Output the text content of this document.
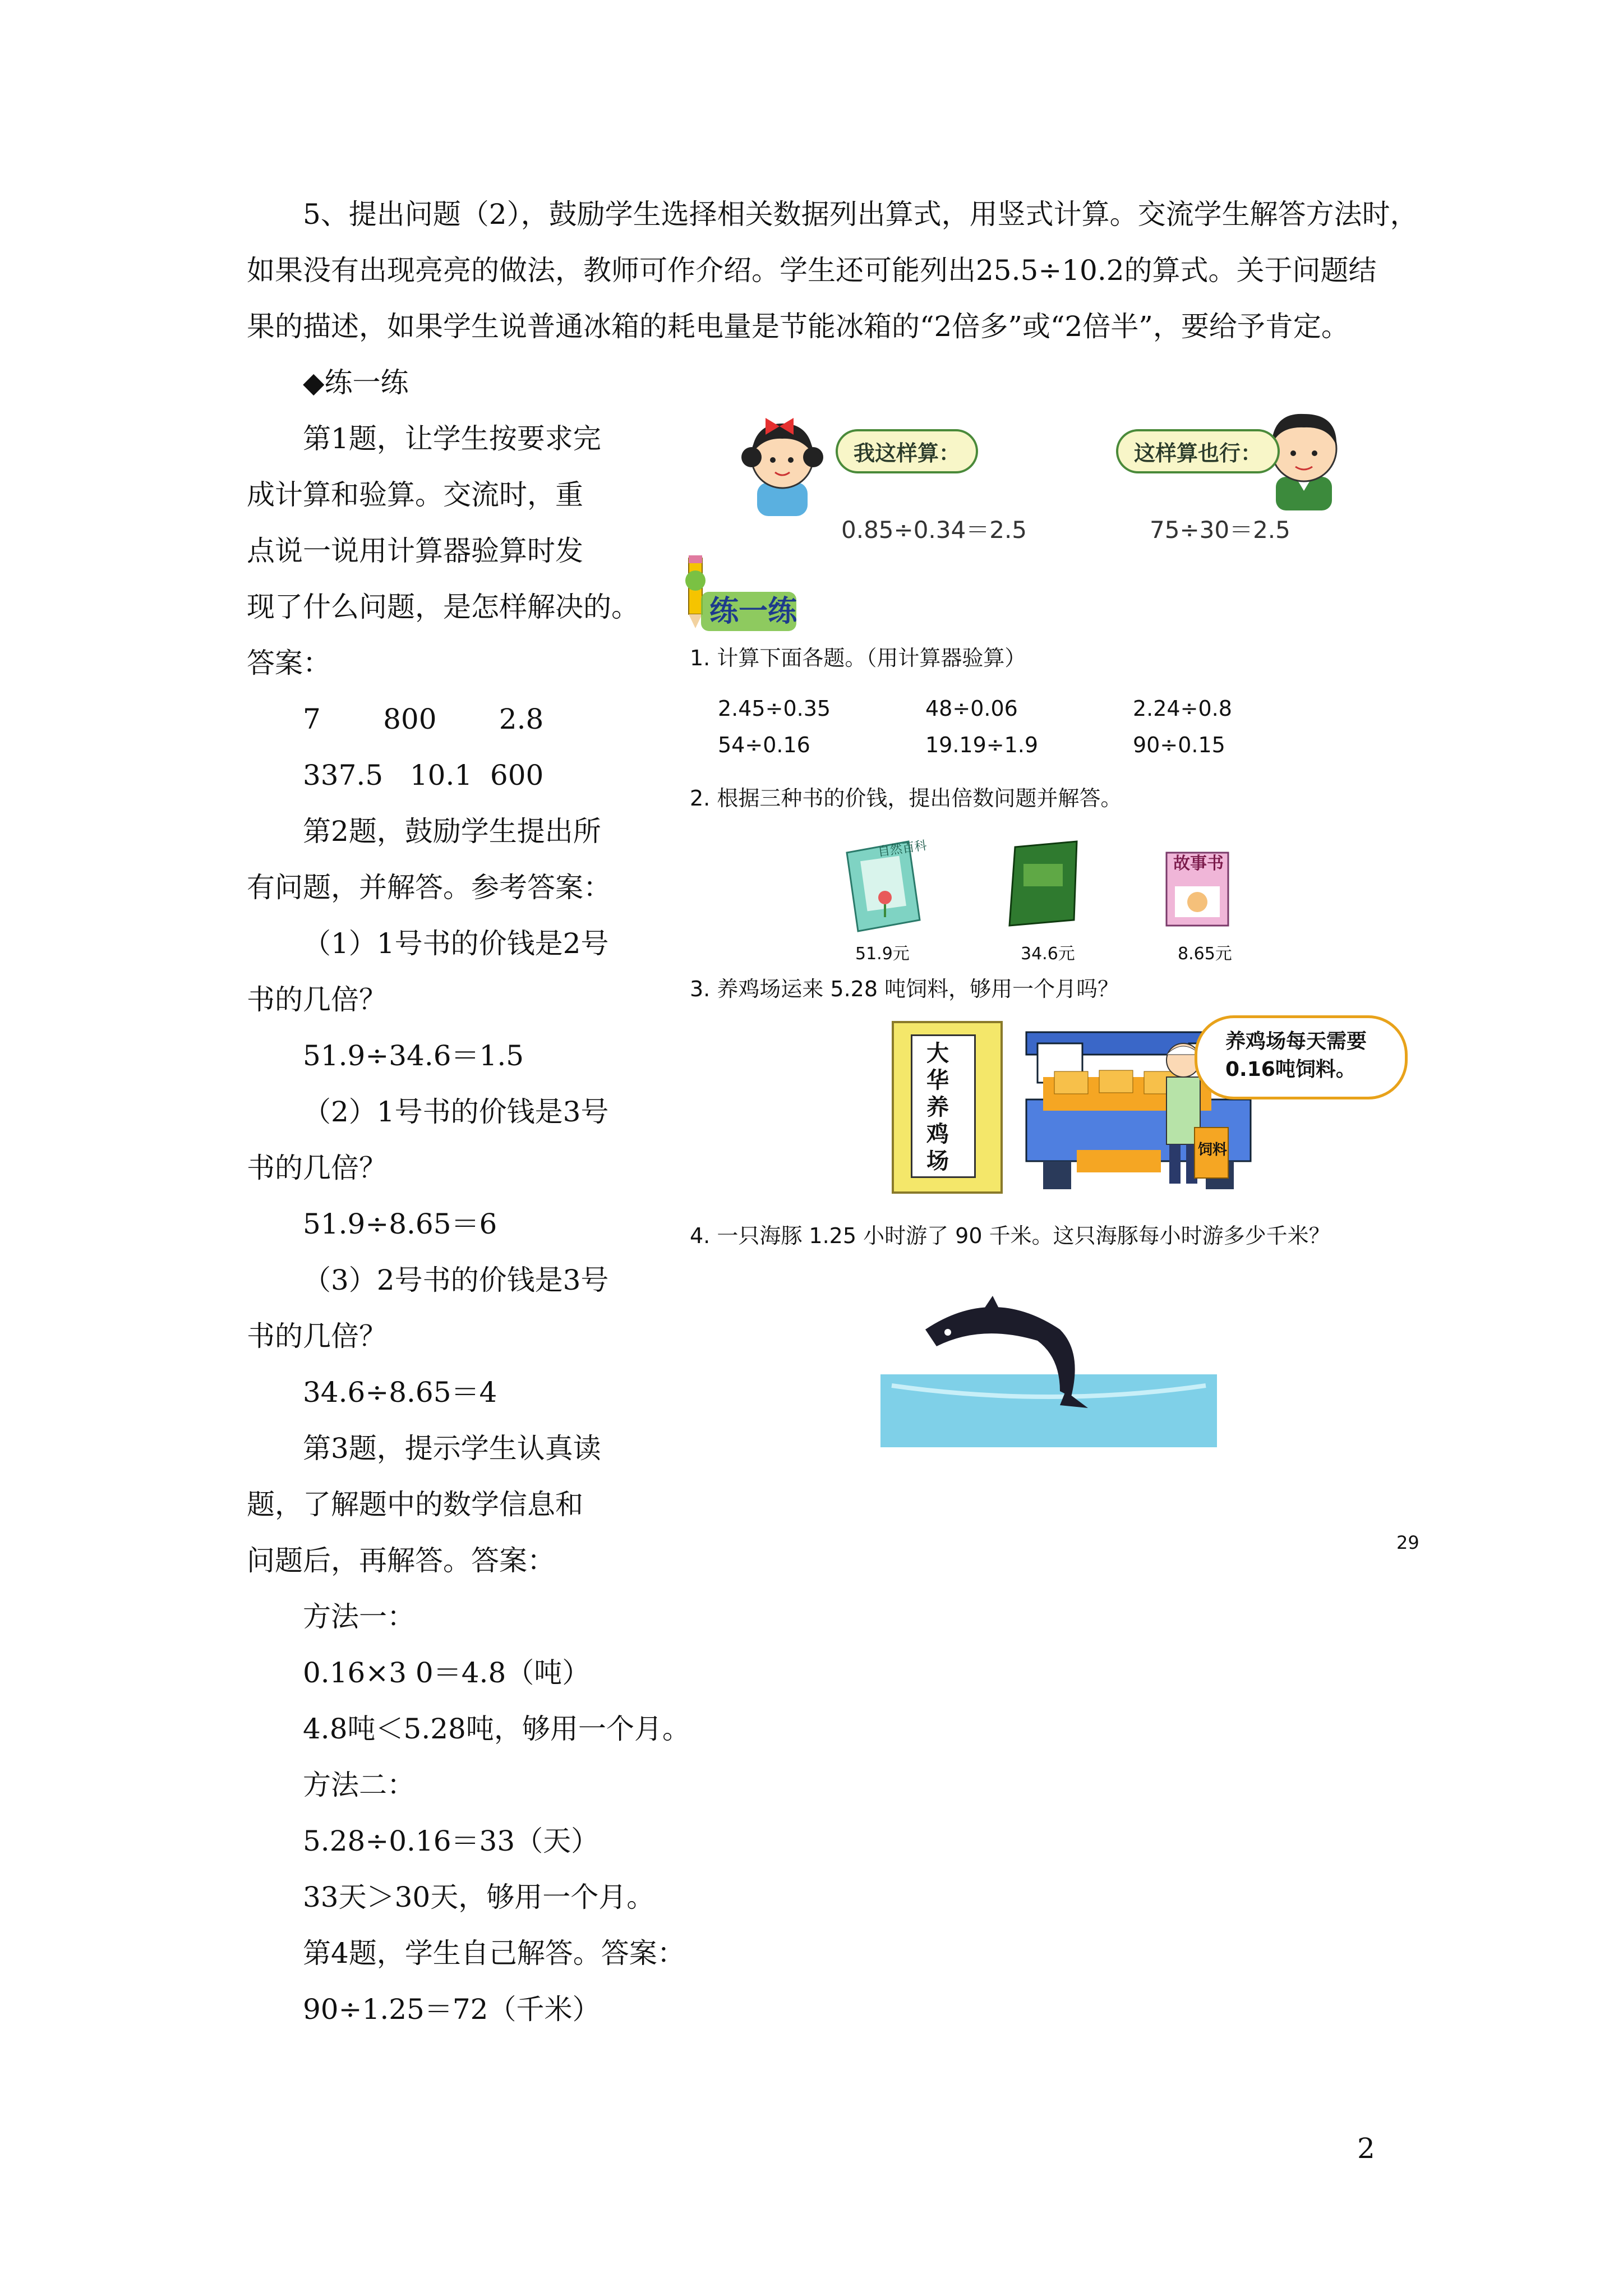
5、提出问题（2），鼓励学生选择相关数据列出算式，用竖式计算。交流学生解答方法时，
如果没有出现亮亮的做法，教师可作介绍。学生还可能列出25.5÷10.2的算式。关于问题结
果的描述，如果学生说普通冰箱的耗电量是节能冰箱的“2倍多”或“2倍半”，要给予肯定。
◆练一练
第1题，让学生按要求完
成计算和验算。交流时，重
点说一说用计算器验算时发
现了什么问题，是怎样解决的。
答案：
7       800       2.8
337.5   10.1  600
第2题，鼓励学生提出所
有问题，并解答。参考答案：
（1）1号书的价钱是2号
书的几倍？
51.9÷34.6＝1.5
（2）1号书的价钱是3号
书的几倍？
51.9÷8.65＝6
（3）2号书的价钱是3号
书的几倍？
34.6÷8.65＝4
第3题，提示学生认真读
题，了解题中的数学信息和
问题后，再解答。答案：
方法一：
0.16×3 0＝4.8（吨）
4.8吨＜5.28吨，够用一个月。
方法二：
5.28÷0.16＝33（天）
33天＞30天，够用一个月。
第4题，学生自己解答。答案：
90÷1.25＝72（千米）
我这样算：
0.85÷0.34＝2.5
这样算也行：
75÷30＝2.5
练一练
1. 计算下面各题。（用计算器验算）
2.45÷0.35	48÷0.06	2.24÷0.8
54÷0.16	19.19÷1.9	90÷0.15
2. 根据三种书的价钱，提出倍数问题并解答。
自然百科
故事书
51.9元	34.6元	8.65元
3. 养鸡场运来 5.28 吨饲料，够用一个月吗？
大华养鸡场	饲料
养鸡场每天需要
0.16吨饲料。
4. 一只海豚 1.25 小时游了 90 千米。这只海豚每小时游多少千米？
29
2
